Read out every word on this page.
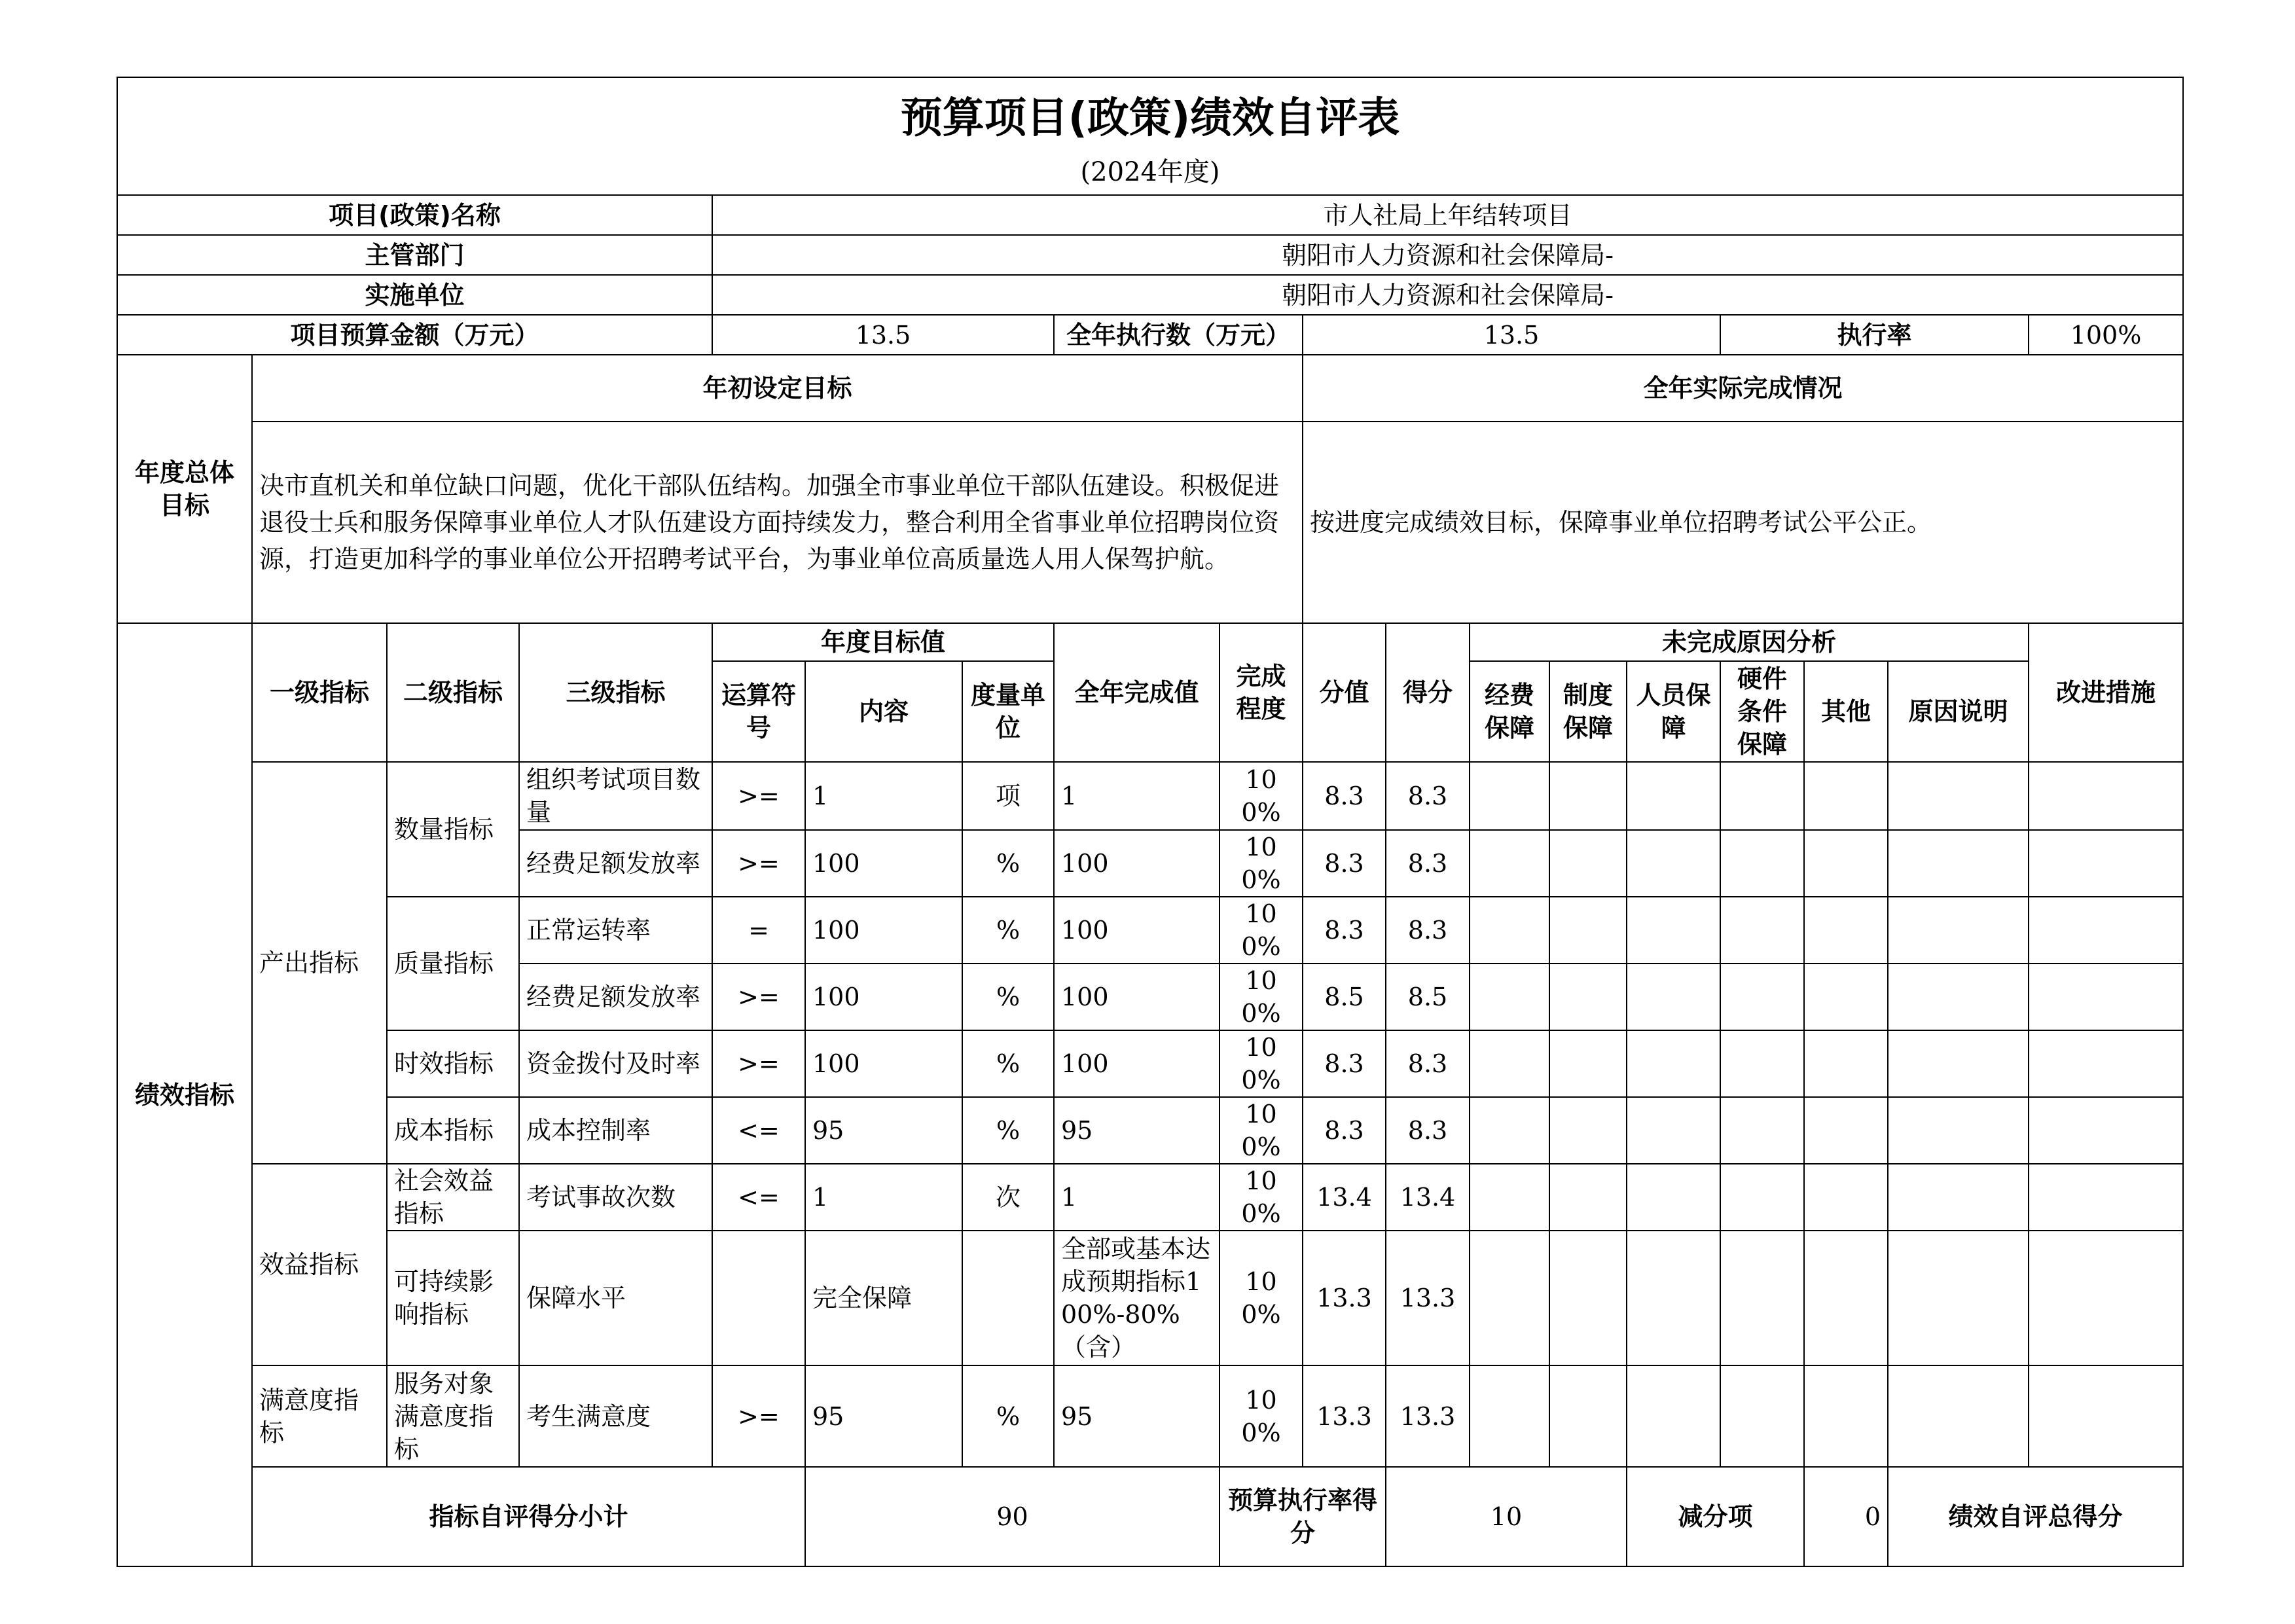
预算项目(政策)绩效自评表
(2024年度)																		

项目(政策)名称				市人社局上年结转项目														
主管部门				朝阳市人力资源和社会保障局-														
实施单位				朝阳市人力资源和社会保障局-														
项目预算金额（万元）				13.5			全年执行数（万元）		13.5					执行率			100%	
年度总体目标	年初设定目标								全年实际完成情况									
	决市直机关和单位缺口问题，优化干部队伍结构。加强全市事业单位干部队伍建设。积极促进退役士兵和服务保障事业单位人才队伍建设方面持续发力，整合利用全省事业单位招聘岗位资源，打造更加科学的事业单位公开招聘考试平台，为事业单位高质量选人用人保驾护航。								按进度完成绩效目标，保障事业单位招聘考试公平公正。									
绩效指标	一级指标	二级指标	三级指标	年度目标值			全年完成值	完成程度	分值	得分	未完成原因分析						改进措施	
				运算符号	内容	度量单位					经费保障	制度保障	人员保障	硬件条件保障	其他	原因说明		
	产出指标	数量指标	组织考试项目数量	>=	1	项	1	100%	8.3	8.3								
			经费足额发放率	>=	100	%	100	100%	8.3	8.3								
		质量指标	正常运转率	=	100	%	100	100%	8.3	8.3								
			经费足额发放率	>=	100	%	100	100%	8.5	8.5								
		时效指标	资金拨付及时率	>=	100	%	100	100%	8.3	8.3								
		成本指标	成本控制率	<=	95	%	95	100%	8.3	8.3								
	效益指标	社会效益指标	考试事故次数	<=	1	次	1	100%	13.4	13.4								
		可持续影响指标	保障水平		完全保障		全部或基本达成预期指标100%-80%（含）	100%	13.3	13.3								
	满意度指标	服务对象满意度指标	考生满意度	>=	95	%	95	100%	13.3	13.3								
	指标自评得分小计				90			预算执行率得分		10			减分项		0	绩效自评总得分	
